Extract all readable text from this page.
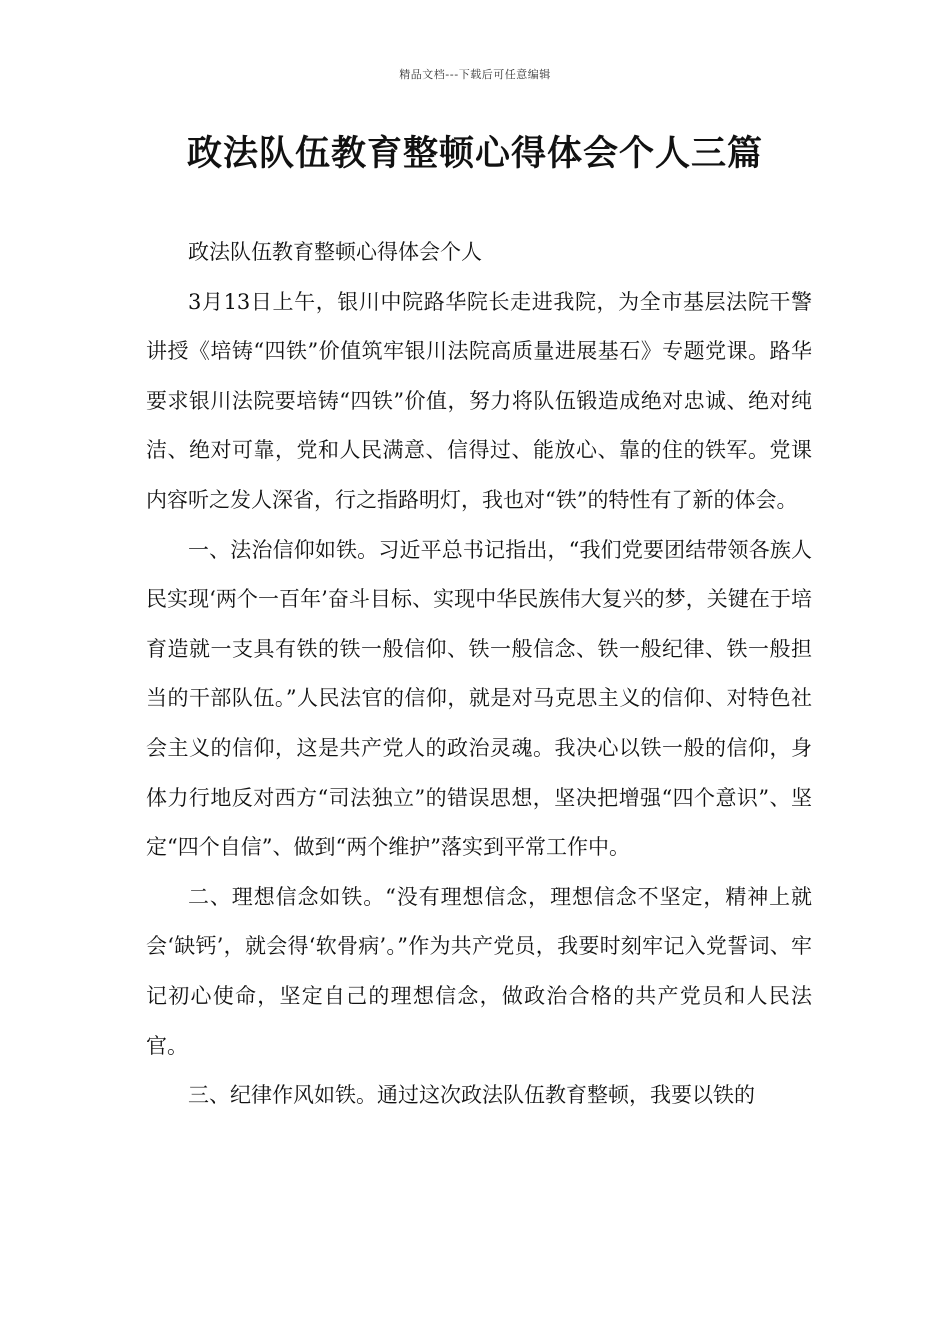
精品文档---下载后可任意编辑
政法队伍教育整顿心得体会个人三篇

政法队伍教育整顿心得体会个人

3月13日上午，银川中院路华院长走进我院，为全市基层法院干警讲授《培铸“四铁”价值筑牢银川法院高质量进展基石》专题党课。路华要求银川法院要培铸“四铁”价值，努力将队伍锻造成绝对忠诚、绝对纯洁、绝对可靠，党和人民满意、信得过、能放心、靠的住的铁军。党课内容听之发人深省，行之指路明灯，我也对“铁”的特性有了新的体会。

一、法治信仰如铁。习近平总书记指出，“我们党要团结带领各族人民实现‘两个一百年’奋斗目标、实现中华民族伟大复兴的梦，关键在于培育造就一支具有铁的铁一般信仰、铁一般信念、铁一般纪律、铁一般担当的干部队伍。”人民法官的信仰，就是对马克思主义的信仰、对特色社会主义的信仰，这是共产党人的政治灵魂。我决心以铁一般的信仰，身体力行地反对西方“司法独立”的错误思想，坚决把增强“四个意识”、坚定“四个自信”、做到“两个维护”落实到平常工作中。

二、理想信念如铁。“没有理想信念，理想信念不坚定，精神上就会‘缺钙’，就会得‘软骨病’。”作为共产党员，我要时刻牢记入党誓词、牢记初心使命，坚定自己的理想信念，做政治合格的共产党员和人民法官。

三、纪律作风如铁。通过这次政法队伍教育整顿，我要以铁的
